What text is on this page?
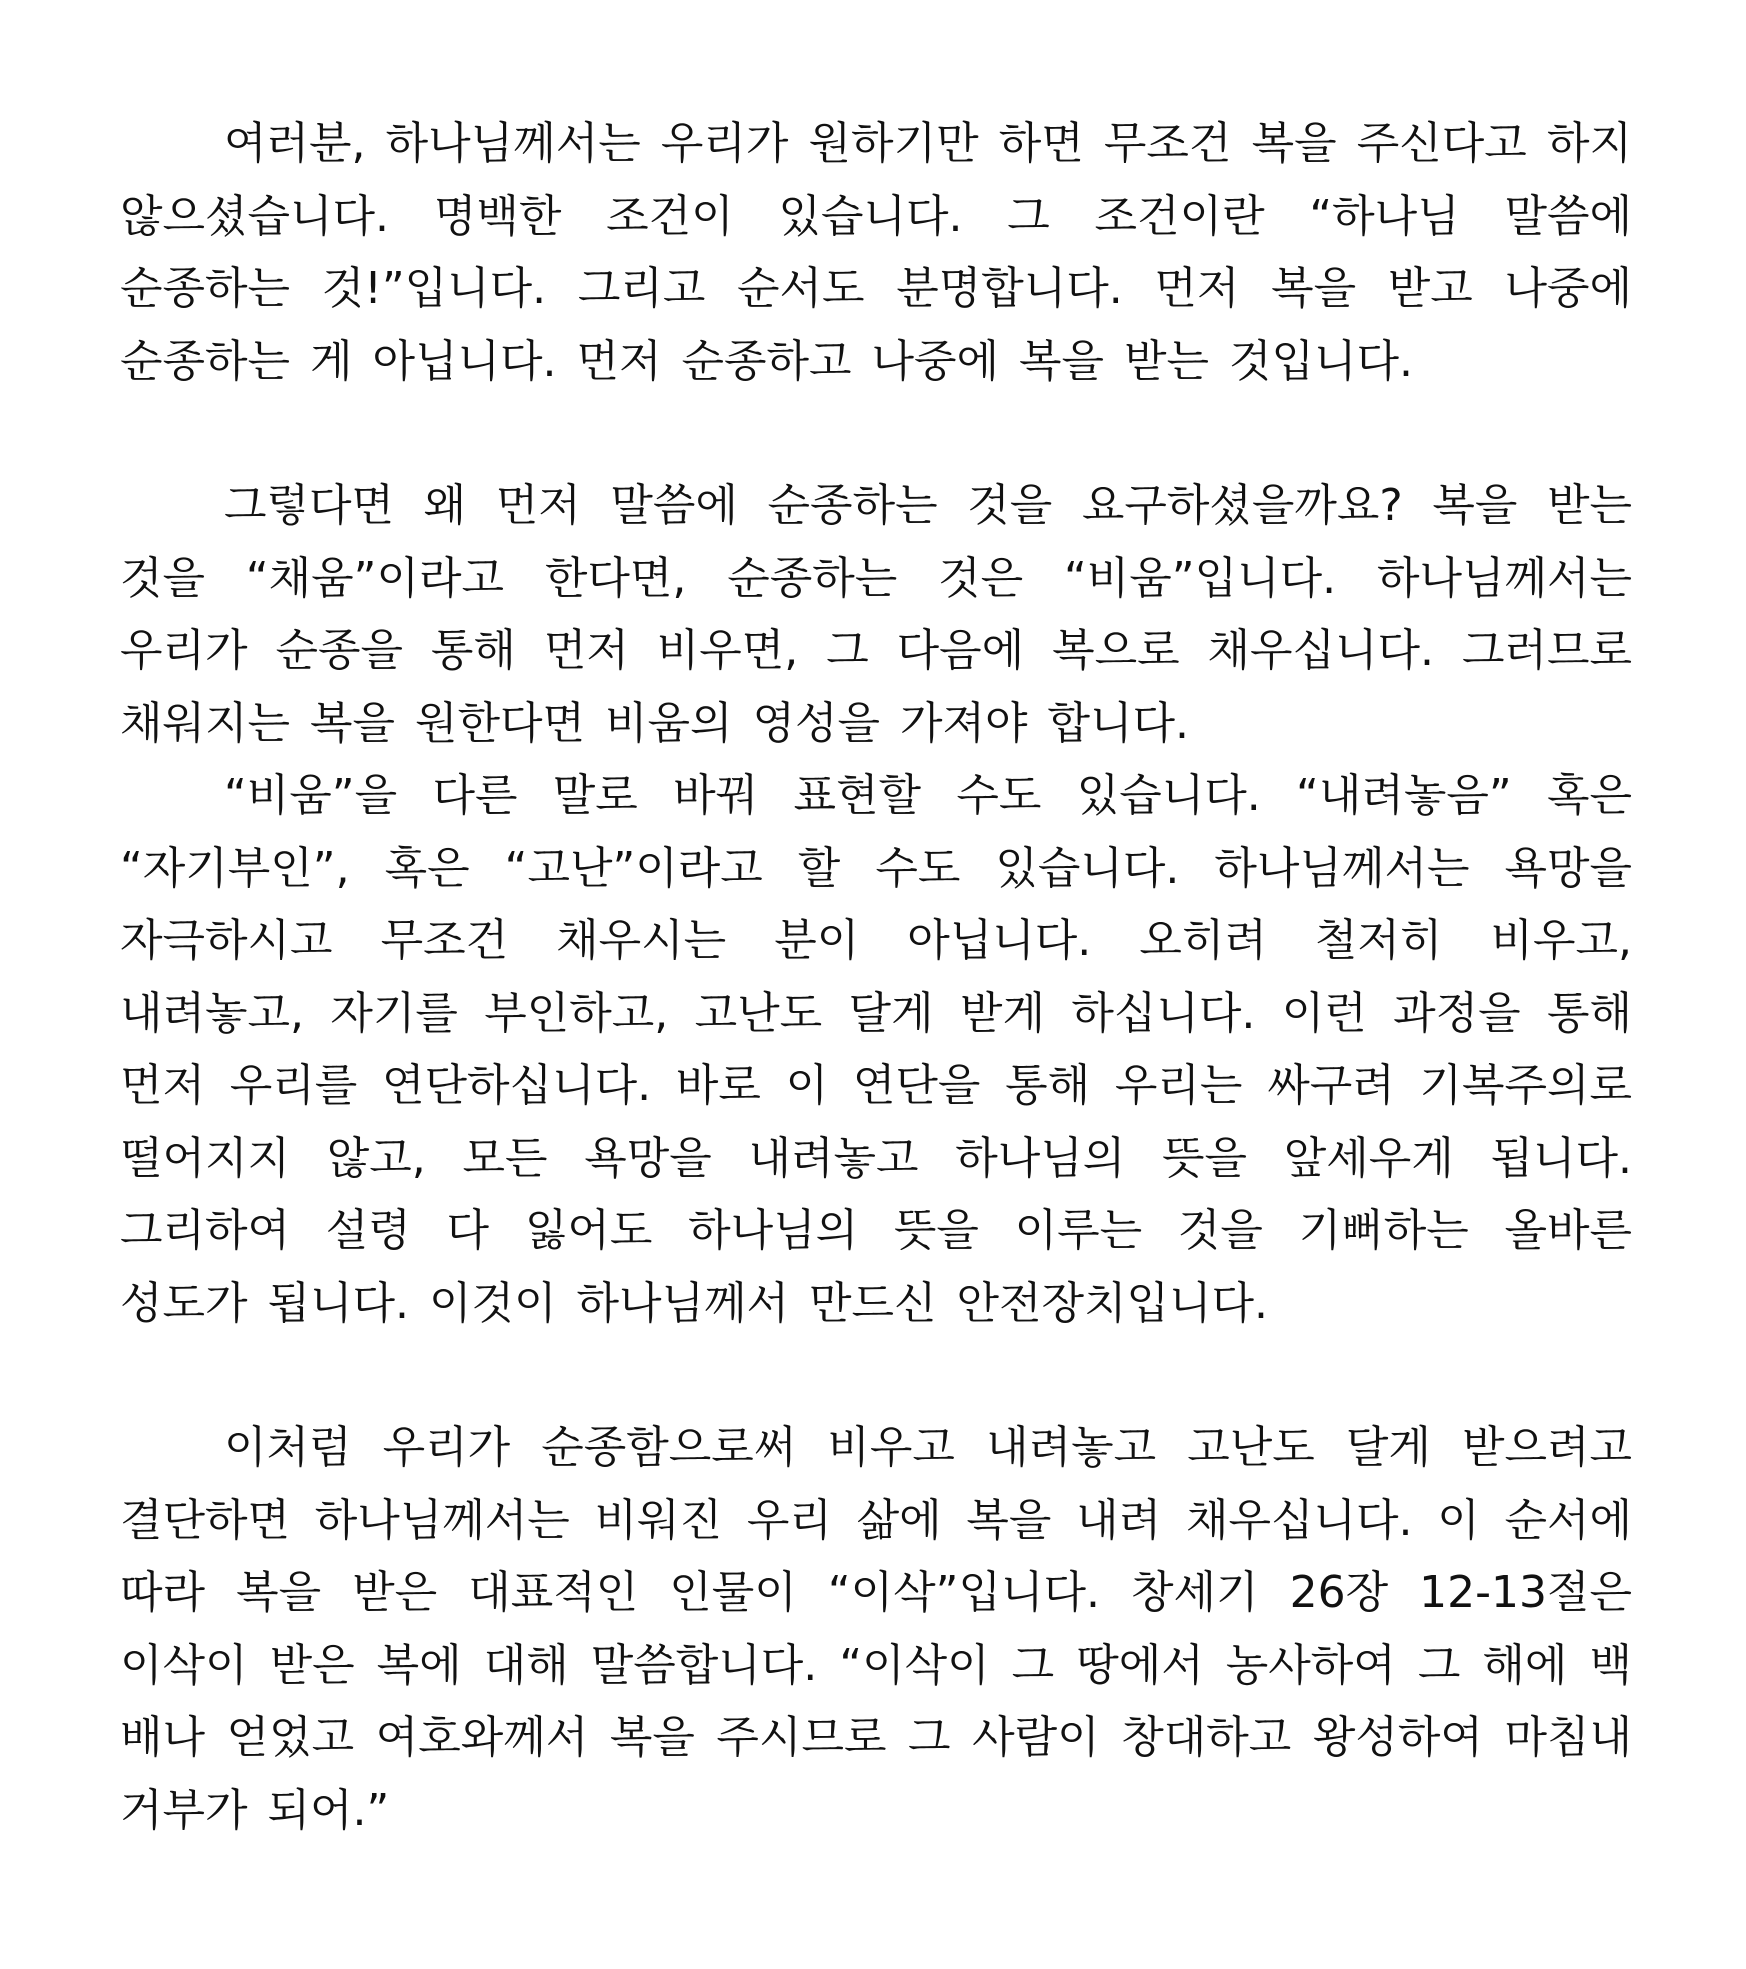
여러분, 하나님께서는 우리가 원하기만 하면 무조건 복을 주신다고 하지 않으셨습니다. 명백한 조건이 있습니다. 그 조건이란 “하나님 말씀에 순종하는 것!”입니다. 그리고 순서도 분명합니다. 먼저 복을 받고 나중에 순종하는 게 아닙니다. 먼저 순종하고 나중에 복을 받는 것입니다.

그렇다면 왜 먼저 말씀에 순종하는 것을 요구하셨을까요? 복을 받는 것을 “채움”이라고 한다면, 순종하는 것은 “비움”입니다. 하나님께서는 우리가 순종을 통해 먼저 비우면, 그 다음에 복으로 채우십니다. 그러므로 채워지는 복을 원한다면 비움의 영성을 가져야 합니다.

“비움”을 다른 말로 바꿔 표현할 수도 있습니다. “내려놓음” 혹은 “자기부인”, 혹은 “고난”이라고 할 수도 있습니다. 하나님께서는 욕망을 자극하시고 무조건 채우시는 분이 아닙니다. 오히려 철저히 비우고, 내려놓고, 자기를 부인하고, 고난도 달게 받게 하십니다. 이런 과정을 통해 먼저 우리를 연단하십니다. 바로 이 연단을 통해 우리는 싸구려 기복주의로 떨어지지 않고, 모든 욕망을 내려놓고 하나님의 뜻을 앞세우게 됩니다. 그리하여 설령 다 잃어도 하나님의 뜻을 이루는 것을 기뻐하는 올바른 성도가 됩니다. 이것이 하나님께서 만드신 안전장치입니다.

이처럼 우리가 순종함으로써 비우고 내려놓고 고난도 달게 받으려고 결단하면 하나님께서는 비워진 우리 삶에 복을 내려 채우십니다. 이 순서에 따라 복을 받은 대표적인 인물이 “이삭”입니다. 창세기 26장 12-13절은 이삭이 받은 복에 대해 말씀합니다. “이삭이 그 땅에서 농사하여 그 해에 백 배나 얻었고 여호와께서 복을 주시므로 그 사람이 창대하고 왕성하여 마침내 거부가 되어.”
